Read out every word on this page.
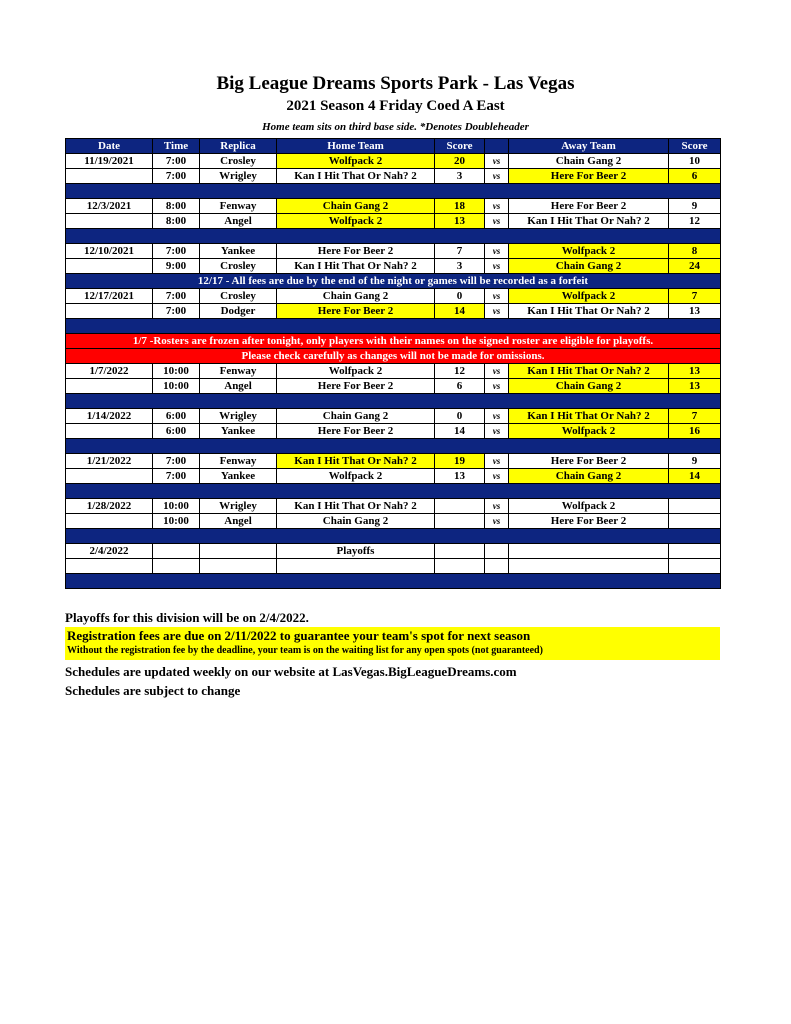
Big League Dreams Sports Park - Las Vegas
2021 Season 4 Friday Coed A East
Home team sits on third base side. *Denotes Doubleheader
Date	Time	Replica	Home Team	Score		Away Team	Score
11/19/2021	7:00	Crosley	Wolfpack 2	20	vs	Chain Gang 2	10
	7:00	Wrigley	Kan I Hit That Or Nah? 2	3	vs	Here For Beer 2	6

12/3/2021	8:00	Fenway	Chain Gang 2	18	vs	Here For Beer 2	9
	8:00	Angel	Wolfpack 2	13	vs	Kan I Hit That Or Nah? 2	12

12/10/2021	7:00	Yankee	Here For Beer 2	7	vs	Wolfpack 2	8
	9:00	Crosley	Kan I Hit That Or Nah? 2	3	vs	Chain Gang 2	24
12/17 - All fees are due by the end of the night or games will be recorded as a forfeit							
12/17/2021	7:00	Crosley	Chain Gang 2	0	vs	Wolfpack 2	7
	7:00	Dodger	Here For Beer 2	14	vs	Kan I Hit That Or Nah? 2	13

1/7 -Rosters are frozen after tonight, only players with their names on the signed roster are eligible for playoffs.							
Please check carefully as changes will not be made for omissions.							
1/7/2022	10:00	Fenway	Wolfpack 2	12	vs	Kan I Hit That Or Nah? 2	13
	10:00	Angel	Here For Beer 2	6	vs	Chain Gang 2	13

1/14/2022	6:00	Wrigley	Chain Gang 2	0	vs	Kan I Hit That Or Nah? 2	7
	6:00	Yankee	Here For Beer 2	14	vs	Wolfpack 2	16

1/21/2022	7:00	Fenway	Kan I Hit That Or Nah? 2	19	vs	Here For Beer 2	9
	7:00	Yankee	Wolfpack 2	13	vs	Chain Gang 2	14

1/28/2022	10:00	Wrigley	Kan I Hit That Or Nah? 2		vs	Wolfpack 2	
	10:00	Angel	Chain Gang 2		vs	Here For Beer 2	

2/4/2022			Playoffs				

Playoffs for this division will be on 2/4/2022.
Registration fees are due on 2/11/2022 to guarantee your team's spot for next season
Without the registration fee by the deadline, your team is on the waiting list for any open spots (not guaranteed)
Schedules are updated weekly on our website at LasVegas.BigLeagueDreams.com
Schedules are subject to change
